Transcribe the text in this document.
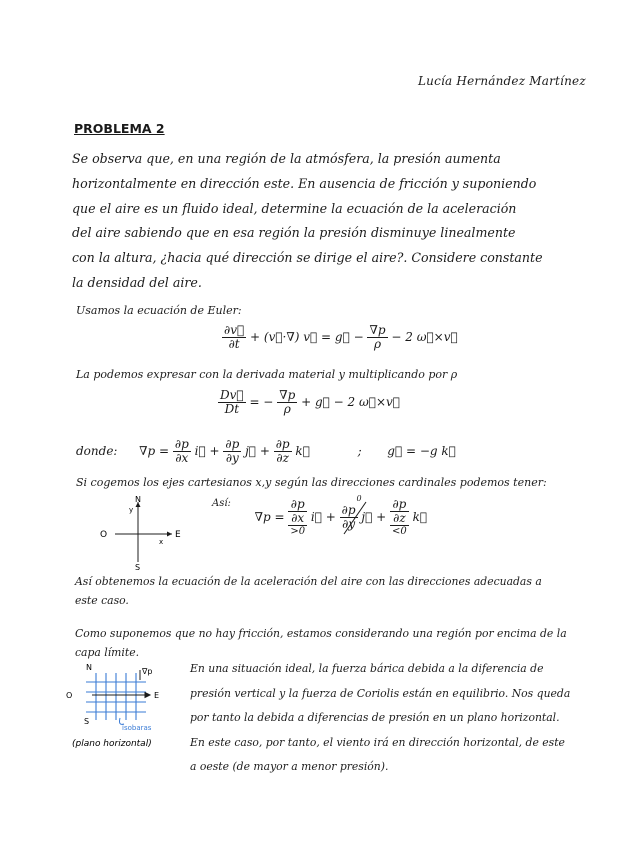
Lucía Hernández Martínez
PROBLEMA 2
Se observa que, en una región de la atmósfera, la presión aumenta
horizontalmente en dirección este. En ausencia de fricción y suponiendo
que el aire es un fluido ideal, determine la ecuación de la aceleración
del aire sabiendo que en esa región la presión disminuye linealmente
con la altura, ¿hacia qué dirección se dirige el aire?. Considere constante
la densidad del aire.
Usamos la ecuación de Euler:
$\frac{\partial v⃗}{\partial t}$ + (v⃗·∇) v⃗ = g⃗ − $\frac{\nabla p}{\rho} - 2$ ω⃗×v⃗
La podemos expresar con la derivada material y multiplicando por ρ
$\frac{Dv⃗}{Dt}$ = − $\frac{\nabla p}{\rho}$ + g⃗ − 2 ω⃗×v⃗
donde: $\nabla p = \frac{\partial p}{\partial x}$ i⃗ + $\frac{\partial p}{\partial y}$ j⃗ + $\frac{\partial p}{\partial z}$ k⃗	; g⃗ = −g k⃗
Si cogemos los ejes cartesianos x,y según las direcciones cardinales podemos tener:
N
y
O
x
E
S
$^{Así:}$  ∇p =
∂p
∂x
>0
i⃗ +
0
∂p
∂y j⃗ +
∂p
∂z
<0
k⃗
Así obtenemos la ecuación de la aceleración del aire con las direcciones adecuadas a
este caso.
Como suponemos que no hay fricción, estamos considerando una región por encima de la
capa límite.
N	∇p
O	E
S
isobaras
(plano horizontal)
En una situación ideal, la fuerza bárica debida a la diferencia de
presión vertical y la fuerza de Coriolis están en equilibrio. Nos queda
por tanto la debida a diferencias de presión en un plano horizontal.
En este caso, por tanto, el viento irá en dirección horizontal, de este
a oeste (de mayor a menor presión).
